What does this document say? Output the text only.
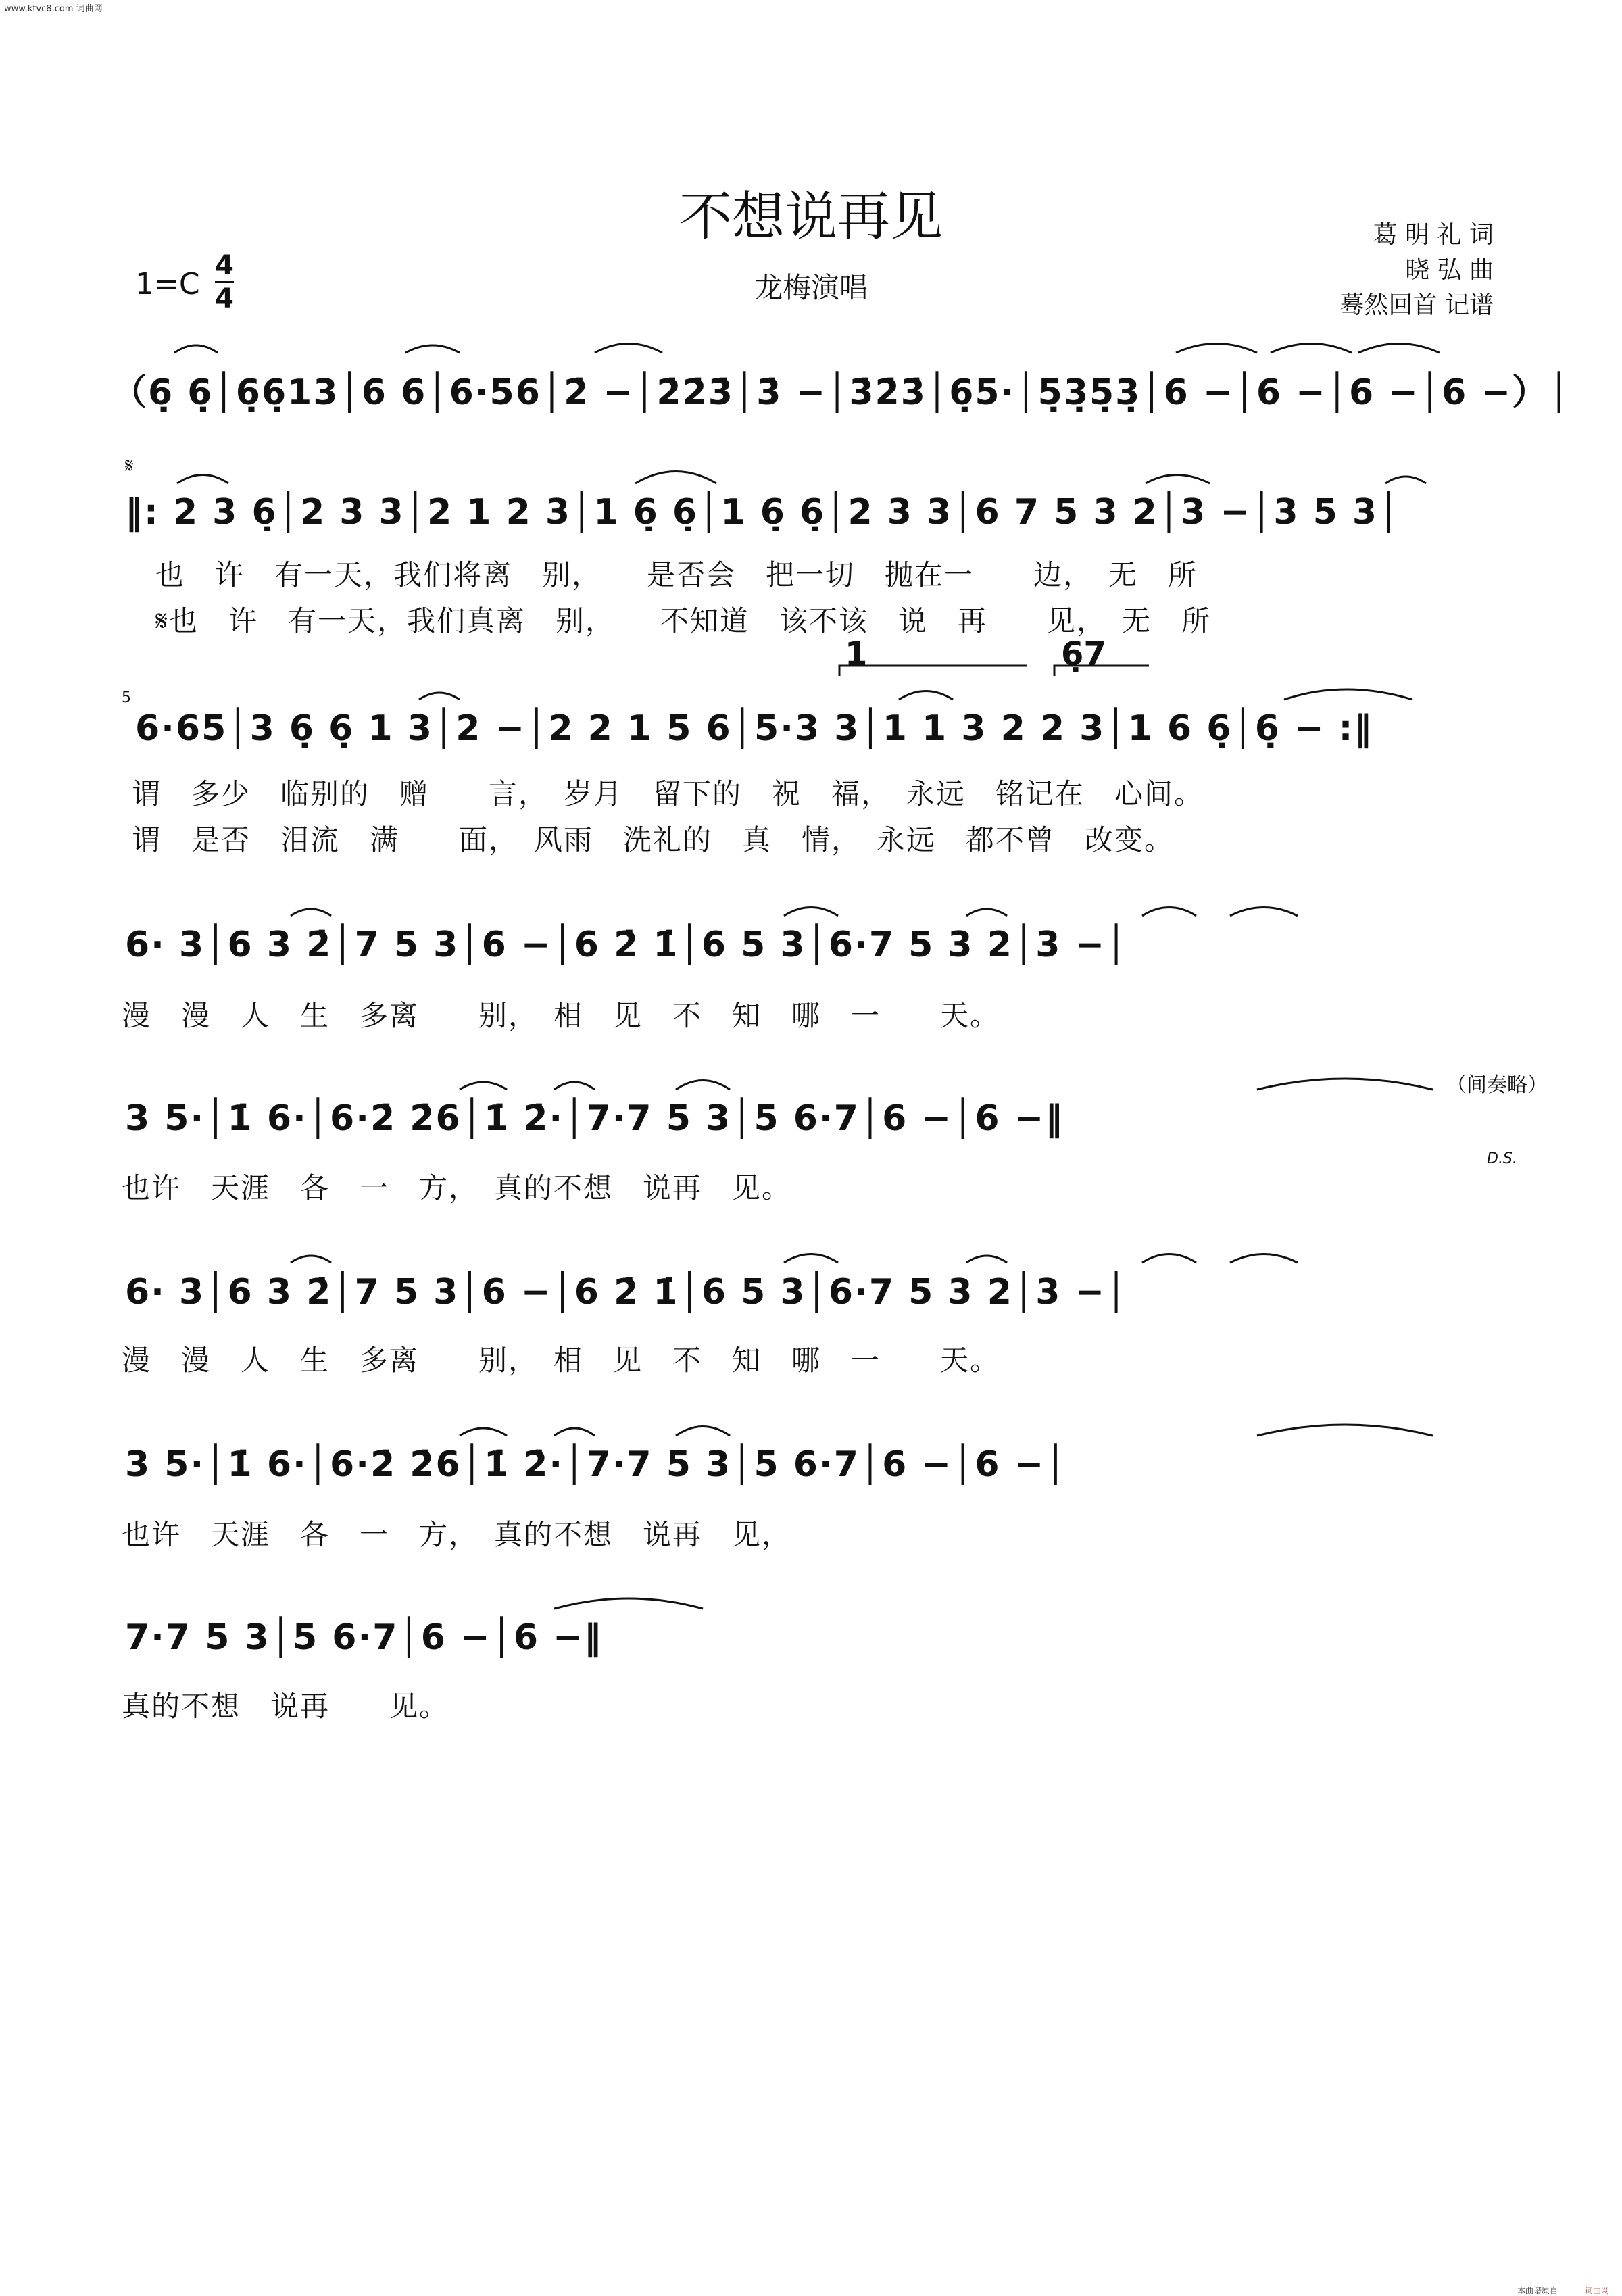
www.ktvc8.com 词曲网
不想说再见
龙梅演唱
葛 明 礼 词
晓 弘 曲
蓦然回首 记谱
1=C
4
4
（6̣ 6̣│6̣6̣13│6 6│6·56│2̇ −│2̇2̇3̇│3̇ −│3̇2̇3̇│6̣5·│5̣3̣5̣3̣│6 −│6 −│6 −│6 −）│
𝄋
‖: 2 3 6̣│2 3 3│2 1 2 3│1 6̣ 6̣│1 6̣ 6̣│2 3 3│6 7 5 3 2│3 −│3 5 3│
也　许　有一天，我们将离　别，　　是否会　把一切　抛在一　　边，　无　所
𝄋也　许　有一天，我们真离　别，　　不知道　该不该　说　再　　见，　无　所
1	6̣7
5
6·65│3 6̣ 6̣ 1 3│2 −│2 2 1 5 6│5·3 3│1 1 3 2 2 3│1 6 6̣│6̣ − :‖
谓　多少　临别的　赠　　言，　岁月　留下的　祝　福，　永远　铭记在　心间。
谓　是否　泪流　满　　面，　风雨　洗礼的　真　情，　永远　都不曾　改变。
6· 3│6 3 2̇│7 5 3│6 −│6 2̇ 1̇│6 5 3│6·7 5 3 2│3 −│
漫　漫　人　生　多离　　别，　相　见　不　知　哪　一　　天。
（间奏略）
3 5·│1̇ 6·│6·2̇ 2̇6│1̇ 2̇·│7·7 5 3│5 6·7│6 −│6 −‖
D.S.
也许　天涯　各　一　方，　真的不想　说再　见。
6· 3│6 3 2̇│7 5 3│6 −│6 2̇ 1̇│6 5 3│6·7 5 3 2│3 −│
漫　漫　人　生　多离　　别，　相　见　不　知　哪　一　　天。
3 5·│1̇ 6·│6·2̇ 2̇6│1̇ 2̇·│7·7 5 3│5 6·7│6 −│6 −│
也许　天涯　各　一　方，　真的不想　说再　见，
7·7 5 3│5 6·7│6 −│6 −‖
真的不想　说再　　见。
本曲谱原自	词曲网
